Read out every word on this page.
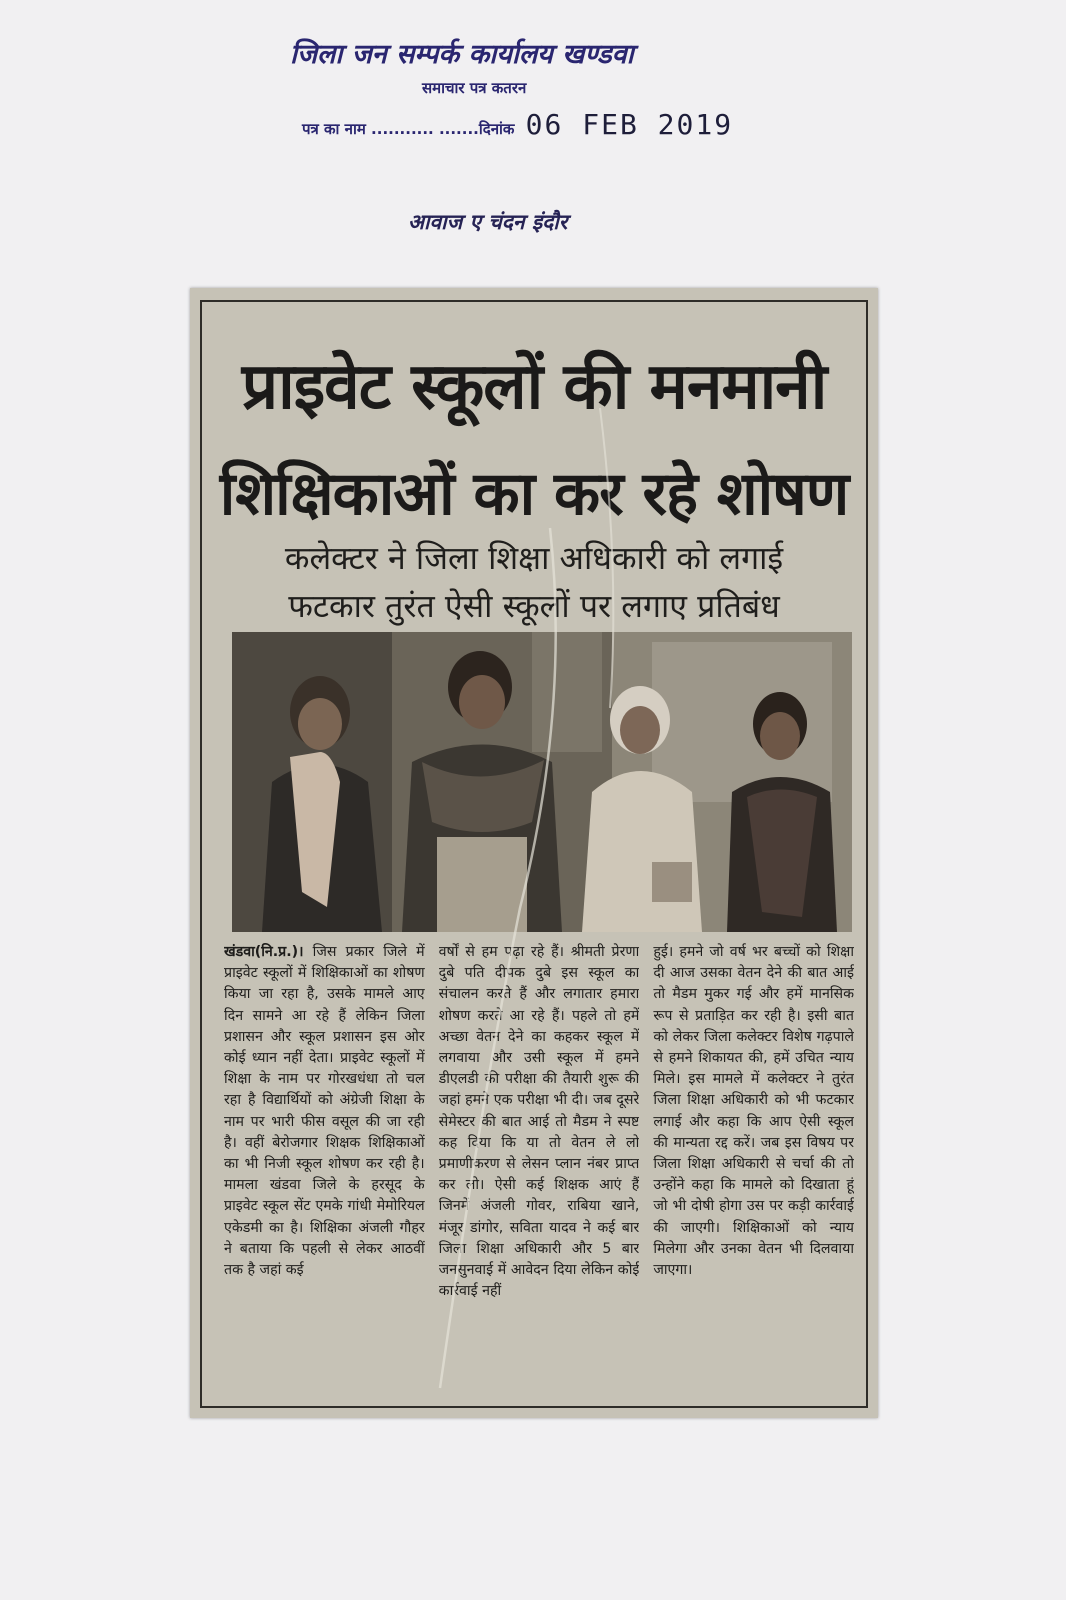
जिला जन सम्पर्क कार्यालय खण्डवा
समाचार पत्र कतरन
पत्र का नाम ........... .......दिनांक 06 FEB 2019
आवाज ए चंदन इंदौर
प्राइवेट स्कूलों की मनमानी
शिक्षिकाओं का कर रहे शोषण
कलेक्टर ने जिला शिक्षा अधिकारी को लगाई
फटकार तुरंत ऐसी स्कूलों पर लगाए प्रतिबंध
खंडवा(नि.प्र.)। जिस प्रकार जिले में प्राइवेट स्कूलों में शिक्षिकाओं का शोषण किया जा रहा है, उसके मामले आए दिन सामने आ रहे हैं लेकिन जिला प्रशासन और स्कूल प्रशासन इस ओर कोई ध्यान नहीं देता। प्राइवेट स्कूलों में शिक्षा के नाम पर गोरखधंधा तो चल रहा है विद्यार्थियों को अंग्रेजी शिक्षा के नाम पर भारी फीस वसूल की जा रही है। वहीं बेरोजगार शिक्षक शिक्षिकाओं का भी निजी स्कूल शोषण कर रही है। मामला खंडवा जिले के हरसूद के प्राइवेट स्कूल सेंट एमके गांधी मेमोरियल एकेडमी का है। शिक्षिका अंजली गौहर ने बताया कि पहली से लेकर आठवीं तक है जहां कई
वर्षों से हम पढ़ा रहे हैं। श्रीमती प्रेरणा दुबे पति दीपक दुबे इस स्कूल का संचालन करते हैं और लगातार हमारा शोषण करते आ रहे हैं। पहले तो हमें अच्छा वेतन देने का कहकर स्कूल में लगवाया और उसी स्कूल में हमने डीएलडी की परीक्षा की तैयारी शुरू की जहां हमने एक परीक्षा भी दी। जब दूसरे सेमेस्टर की बात आई तो मैडम ने स्पष्ट कह दिया कि या तो वेतन ले लो प्रमाणीकरण से लेसन प्लान नंबर प्राप्त कर लो। ऐसी कई शिक्षक आएं हैं जिनमें अंजली गोवर, राबिया खाने, मंजूर डांगोर, सविता यादव ने कई बार जिला शिक्षा अधिकारी और 5 बार जनसुनवाई में आवेदन दिया लेकिन कोई कार्रवाई नहीं
हुई। हमने जो वर्ष भर बच्चों को शिक्षा दी आज उसका वेतन देने की बात आई तो मैडम मुकर गई और हमें मानसिक रूप से प्रताड़ित कर रही है। इसी बात को लेकर जिला कलेक्टर विशेष गढ़पाले से हमने शिकायत की, हमें उचित न्याय मिले। इस मामले में कलेक्टर ने तुरंत जिला शिक्षा अधिकारी को भी फटकार लगाई और कहा कि आप ऐसी स्कूल की मान्यता रद्द करें। जब इस विषय पर जिला शिक्षा अधिकारी से चर्चा की तो उन्होंने कहा कि मामले को दिखाता हूं जो भी दोषी होगा उस पर कड़ी कार्रवाई की जाएगी। शिक्षिकाओं को न्याय मिलेगा और उनका वेतन भी दिलवाया जाएगा।
